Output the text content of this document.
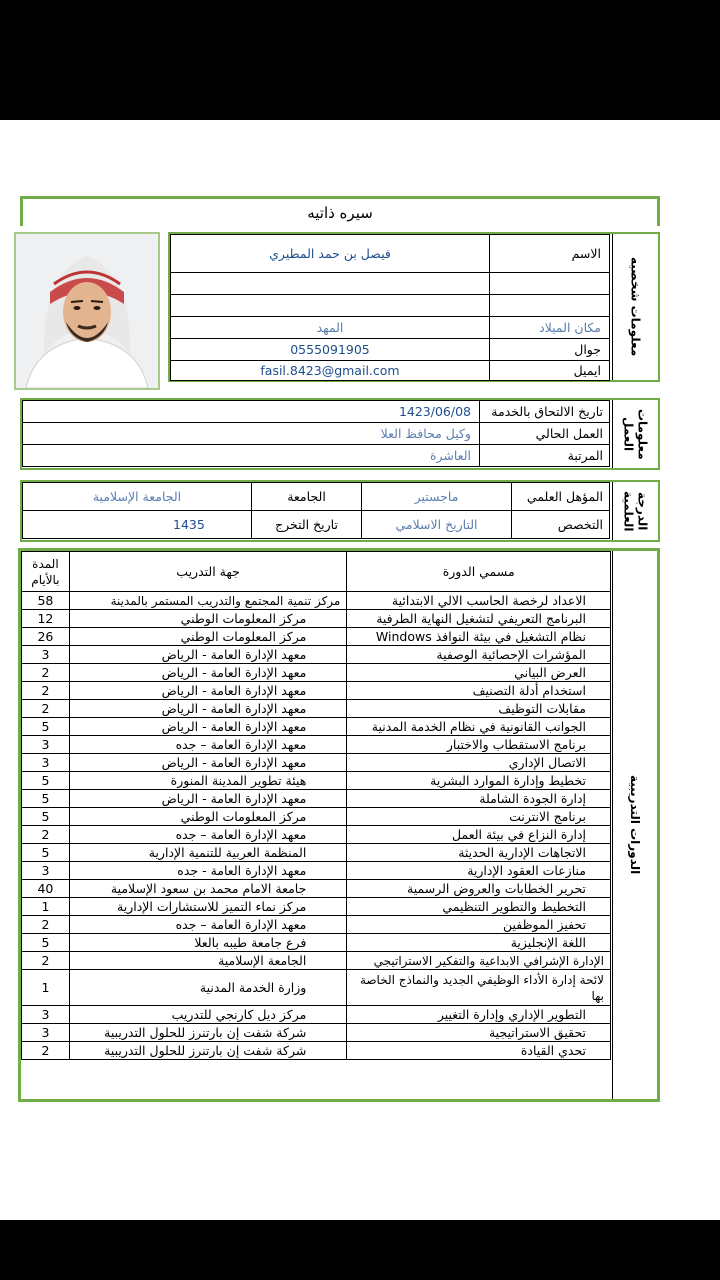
سيره ذاتيه
الاسم	فيصل بن حمد المطيري

مكان الميلاد	المهد
جوال	0555091905
ايميل	fasil.8423@gmail.com
معلومات شخصيه
تاريخ الالتحاق بالخدمة	1423/06/08
العمل الحالي	وكيل محافظ العلا
المرتبة	العاشرة	معلومات العمل
المؤهل العلمي	ماجستير	الجامعة	الجامعة الإسلامية
التخصص	التاريخ الاسلامي	تاريخ التخرج	1435	الدرجة العلمية
الدورات التدريبية
مسمي الدورة	جهة التدريب	المدة بالأيام
الاعداد لرخصة الحاسب الالي الابتدائية	مركز تنمية المجتمع والتدريب المستمر بالمدينة	58
البرنامج التعريفي لتشغيل النهاية الطرفية	مركز المعلومات الوطني	12
نظام التشغيل في بيئة النوافذ Windows	مركز المعلومات الوطني	26
المؤشرات الإحصائية الوصفية	معهد الإدارة العامة - الرياض	3
العرض البياني	معهد الإدارة العامة - الرياض	2
استخدام أدلة التصنيف	معهد الإدارة العامة - الرياض	2
مقابلات التوظيف	معهد الإدارة العامة - الرياض	2
الجوانب القانونية في نظام الخدمة المدنية	معهد الإدارة العامة - الرياض	5
برنامج الاستقطاب والاختبار	معهد الإدارة العامة – جده	3
الاتصال الإداري	معهد الإدارة العامة - الرياض	3
تخطيط وإدارة الموارد البشرية	هيئة تطوير المدينة المنورة	5
إدارة الجودة الشاملة	معهد الإدارة العامة - الرياض	5
برنامج الانترنت	مركز المعلومات الوطني	5
إدارة النزاع في بيئة العمل	معهد الإدارة العامة – جده	2
الاتجاهات الإدارية الحديثة	المنظمة العربية للتنمية الإدارية	5
منازعات العقود الإدارية	معهد الإدارة العامة - جده	3
تحرير الخطابات والعروض الرسمية	جامعة الامام محمد بن سعود الإسلامية	40
التخطيط والتطوير التنظيمي	مركز نماء التميز للاستشارات الإدارية	1
تحفيز الموظفين	معهد الإدارة العامة – جده	2
اللغة الإنجليزية	فرع جامعة طيبه بالعلا	5
الإدارة الإشرافي الابداعية والتفكير الاستراتيجي	الجامعة الإسلامية	2
لائحة إدارة الأداء الوظيفي الجديد والنماذج الخاصة بها	وزارة الخدمة المدنية	1
التطوير الإداري وإدارة التغيير	مركز ديل كارنجي للتدريب	3
تحقيق الاستراتيجية	شركة شفت إن بارتنرز للحلول التدريبية	3
تحدي القيادة	شركة شفت إن بارتنرز للحلول التدريبية	2
